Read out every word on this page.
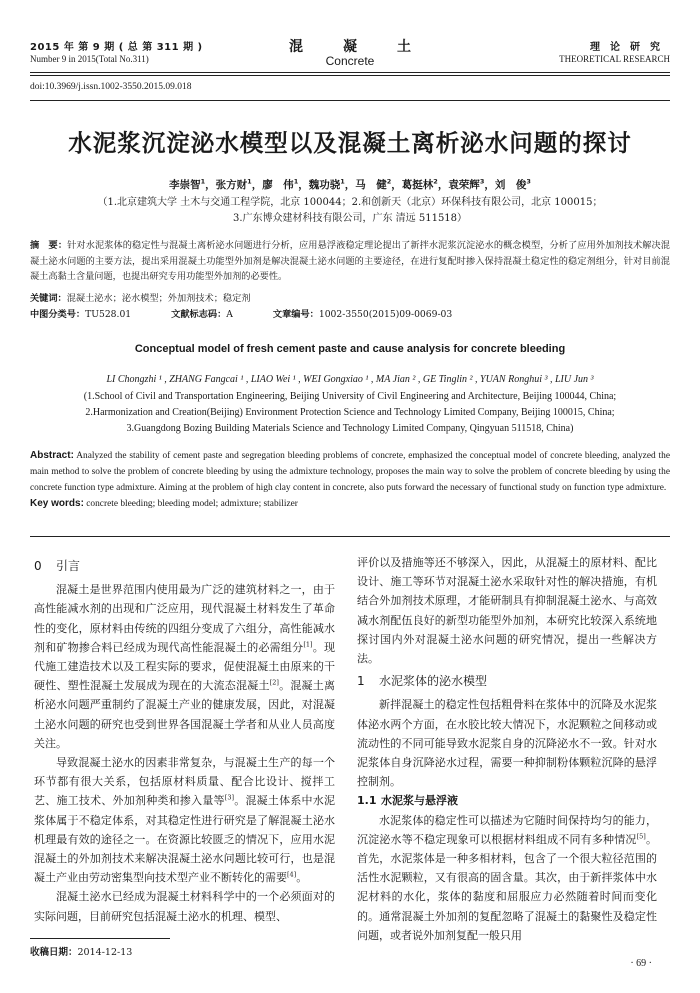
2015 年 第 9 期 ( 总 第 311 期 )
Number 9 in 2015(Total No.311)
混凝土
Concrete
理论研究
THEORETICAL RESEARCH
doi:10.3969/j.issn.1002-3550.2015.09.018
水泥浆沉淀泌水模型以及混凝土离析泌水问题的探讨
李崇智$^1$，张方财$^1$，廖　伟$^1$，魏功骁$^1$，马　健$^2$，葛挺林$^2$，袁荣辉$^3$，刘　俊$^3$
（1.北京建筑大学 土木与交通工程学院，北京 100044；2.和创新天（北京）环保科技有限公司，北京 100015；
3.广东博众建材科技有限公司，广东 清远 511518）
摘　要：针对水泥浆体的稳定性与混凝土离析泌水问题进行分析，应用悬浮液稳定理论提出了新拌水泥浆沉淀泌水的概念模型，分析了应用外加剂技术解决混凝土泌水问题的主要方法，提出采用混凝土功能型外加剂是解决混凝土泌水问题的主要途径，在进行复配时掺入保持混凝土稳定性的稳定剂组分，针对目前混凝土高黏土含量问题，也提出研究专用功能型外加剂的必要性。
关键词：混凝土泌水；泌水模型；外加剂技术；稳定剂
中图分类号：TU528.01	文献标志码：A	文章编号：1002-3550(2015)09-0069-03
Conceptual model of fresh cement paste and cause analysis for concrete bleeding
LI Chongzhi ¹ , ZHANG Fangcai ¹ , LIAO Wei ¹ , WEI Gongxiao ¹ , MA Jian ² , GE Tinglin ² , YUAN Ronghui ³ , LIU Jun ³
(1.School of Civil and Transportation Engineering, Beijing University of Civil Engineering and Architecture, Beijing 100044, China;
2.Harmonization and Creation(Beijing) Environment Protection Science and Technology Limited Company, Beijing 100015, China;
3.Guangdong Bozing Building Materials Science and Technology Limited Company, Qingyuan 511518, China)
Abstract: Analyzed the stability of cement paste and segregation bleeding problems of concrete, emphasized the conceptual model of concrete bleeding, analyzed the main method to solve the problem of concrete bleeding by using the admixture technology, proposes the main way to solve the problem of concrete bleeding by using the concrete function type admixture. Aiming at the problem of high clay content in concrete, also puts forward the necessary of functional study on function type admixture.
Key words: concrete bleeding; bleeding model; admixture; stabilizer
0 引言

混凝土是世界范围内使用最为广泛的建筑材料之一，由于高性能减水剂的出现和广泛应用，现代混凝土材料发生了革命性的变化，原材料由传统的四组分变成了六组分，高性能减水剂和矿物掺合料已经成为现代高性能混凝土的必需组分[1]。现代施工建造技术以及工程实际的要求，促使混凝土由原来的干硬性、塑性混凝土发展成为现在的大流态混凝土[2]。混凝土离析泌水问题严重制约了混凝土产业的健康发展，因此，对混凝土泌水问题的研究也受到世界各国混凝土学者和从业人员高度关注。

导致混凝土泌水的因素非常复杂，与混凝土生产的每一个环节都有很大关系，包括原材料质量、配合比设计、搅拌工艺、施工技术、外加剂种类和掺入量等[3]。混凝土体系中水泥浆体属于不稳定体系，对其稳定性进行研究是了解混凝土泌水机理最有效的途径之一。在资源比较匮乏的情况下，应用水泥混凝土的外加剂技术来解决混凝土泌水问题比较可行，也是混凝土产业由劳动密集型向技术型产业不断转化的需要[4]。

混凝土泌水已经成为混凝土材料科学中的一个必须面对的实际问题，目前研究包括混凝土泌水的机理、模型、

评价以及措施等还不够深入，因此，从混凝土的原材料、配比设计、施工等环节对混凝土泌水采取针对性的解决措施，有机结合外加剂技术原理，才能研制具有抑制混凝土泌水、与高效减水剂配伍良好的新型功能型外加剂，本研究比较深入系统地探讨国内外对混凝土泌水问题的研究情况，提出一些解决方法。

1 水泥浆体的泌水模型

新拌混凝土的稳定性包括粗骨料在浆体中的沉降及水泥浆体泌水两个方面，在水胶比较大情况下，水泥颗粒之间移动或流动性的不同可能导致水泥浆自身的沉降泌水不一致。针对水泥浆体自身沉降泌水过程，需要一种抑制粉体颗粒沉降的悬浮控制剂。

1.1 水泥浆与悬浮液

水泥浆体的稳定性可以描述为它随时间保持均匀的能力，沉淀泌水等不稳定现象可以根据材料组成不同有多种情况[5]。首先，水泥浆体是一种多相材料，包含了一个很大粒径范围的活性水泥颗粒，又有很高的固含量。其次，由于新拌浆体中水泥材料的水化，浆体的黏度和屈服应力必然随着时间而变化的。通常混凝土外加剂的复配忽略了混凝土的黏聚性及稳定性问题，或者说外加剂复配一般只用

收稿日期：2014-12-13
· 69 ·
